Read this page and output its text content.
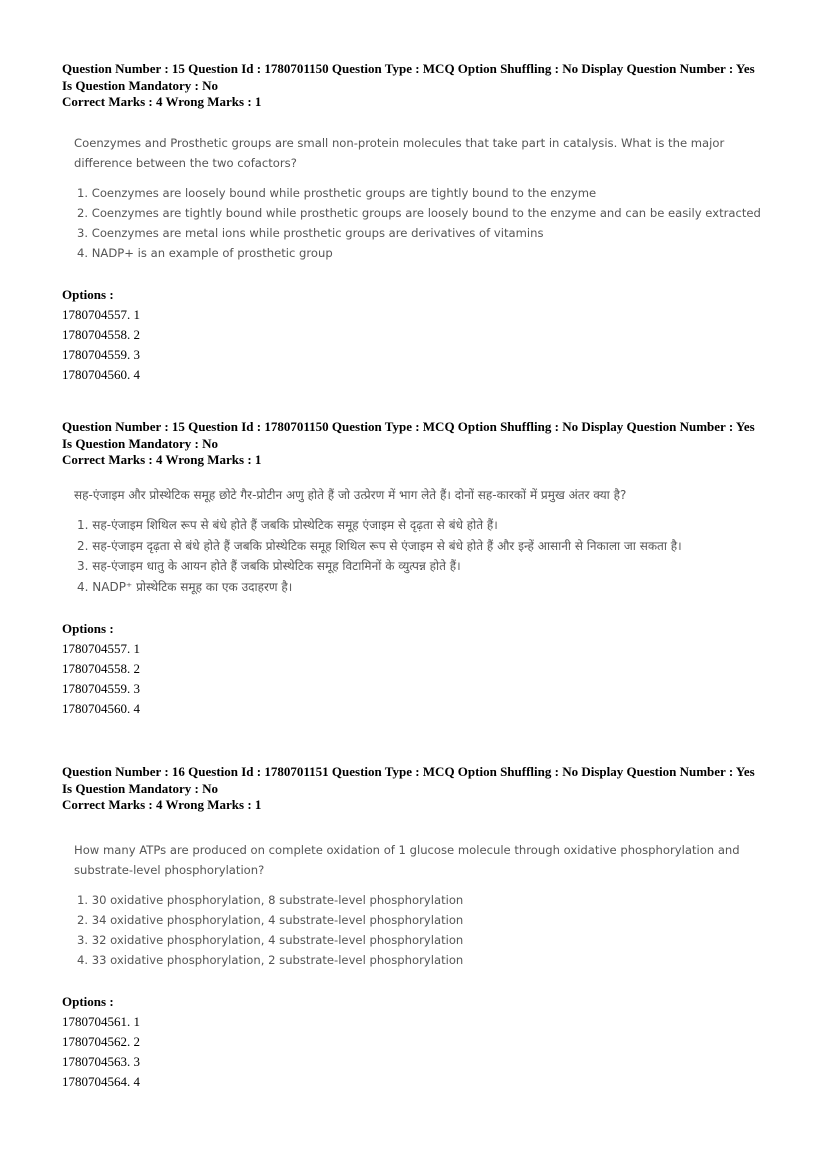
Question Number : 15 Question Id : 1780701150 Question Type : MCQ Option Shuffling : No Display Question Number : Yes
Is Question Mandatory : No
Correct Marks : 4 Wrong Marks : 1
Coenzymes and Prosthetic groups are small non-protein molecules that take part in catalysis. What is the major difference between the two cofactors?
1. Coenzymes are loosely bound while prosthetic groups are tightly bound to the enzyme
2. Coenzymes are tightly bound while prosthetic groups are loosely bound to the enzyme and can be easily extracted
3. Coenzymes are metal ions while prosthetic groups are derivatives of vitamins
4. NADP+ is an example of prosthetic group
Options :
1780704557. 1
1780704558. 2
1780704559. 3
1780704560. 4
Question Number : 15 Question Id : 1780701150 Question Type : MCQ Option Shuffling : No Display Question Number : Yes
Is Question Mandatory : No
Correct Marks : 4 Wrong Marks : 1
सह-एंजाइम और प्रोस्थेटिक समूह छोटे गैर-प्रोटीन अणु होते हैं जो उत्प्रेरण में भाग लेते हैं। दोनों सह-कारकों में प्रमुख अंतर क्या है?
1. सह-एंजाइम शिथिल रूप से बंधे होते हैं जबकि प्रोस्थेटिक समूह एंजाइम से दृढ़ता से बंधे होते हैं।
2. सह-एंजाइम दृढ़ता से बंधे होते हैं जबकि प्रोस्थेटिक समूह शिथिल रूप से एंजाइम से बंधे होते हैं और इन्हें आसानी से निकाला जा सकता है।
3. सह-एंजाइम धातु के आयन होते हैं जबकि प्रोस्थेटिक समूह विटामिनों के व्युत्पन्न होते हैं।
4. NADP⁺ प्रोस्थेटिक समूह का एक उदाहरण है।
Options :
1780704557. 1
1780704558. 2
1780704559. 3
1780704560. 4
Question Number : 16 Question Id : 1780701151 Question Type : MCQ Option Shuffling : No Display Question Number : Yes
Is Question Mandatory : No
Correct Marks : 4 Wrong Marks : 1
How many ATPs are produced on complete oxidation of 1 glucose molecule through oxidative phosphorylation and substrate-level phosphorylation?
1. 30 oxidative phosphorylation, 8 substrate-level phosphorylation
2. 34 oxidative phosphorylation, 4 substrate-level phosphorylation
3. 32 oxidative phosphorylation, 4 substrate-level phosphorylation
4. 33 oxidative phosphorylation, 2 substrate-level phosphorylation
Options :
1780704561. 1
1780704562. 2
1780704563. 3
1780704564. 4
